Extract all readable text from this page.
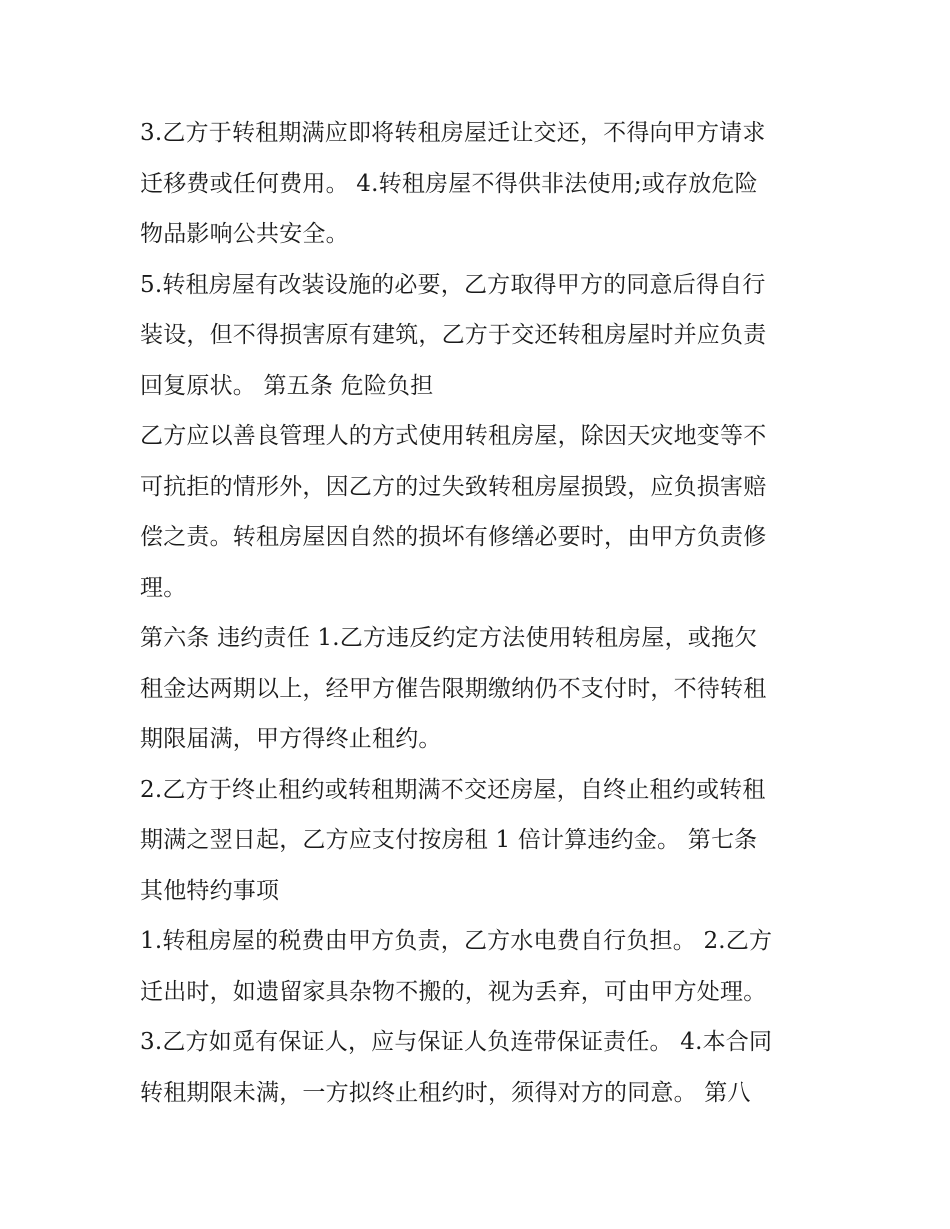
3.乙方于转租期满应即将转租房屋迁让交还，不得向甲方请求
迁移费或任何费用。 4.转租房屋不得供非法使用;或存放危险
物品影响公共安全。
5.转租房屋有改装设施的必要，乙方取得甲方的同意后得自行
装设，但不得损害原有建筑，乙方于交还转租房屋时并应负责
回复原状。 第五条 危险负担
乙方应以善良管理人的方式使用转租房屋，除因天灾地变等不
可抗拒的情形外，因乙方的过失致转租房屋损毁，应负损害赔
偿之责。转租房屋因自然的损坏有修缮必要时，由甲方负责修
理。
第六条 违约责任 1.乙方违反约定方法使用转租房屋，或拖欠
租金达两期以上，经甲方催告限期缴纳仍不支付时，不待转租
期限届满，甲方得终止租约。
2.乙方于终止租约或转租期满不交还房屋，自终止租约或转租
期满之翌日起，乙方应支付按房租 1 倍计算违约金。 第七条
其他特约事项
1.转租房屋的税费由甲方负责，乙方水电费自行负担。 2.乙方
迁出时，如遗留家具杂物不搬的，视为丢弃，可由甲方处理。
3.乙方如觅有保证人，应与保证人负连带保证责任。 4.本合同
转租期限未满，一方拟终止租约时，须得对方的同意。 第八
